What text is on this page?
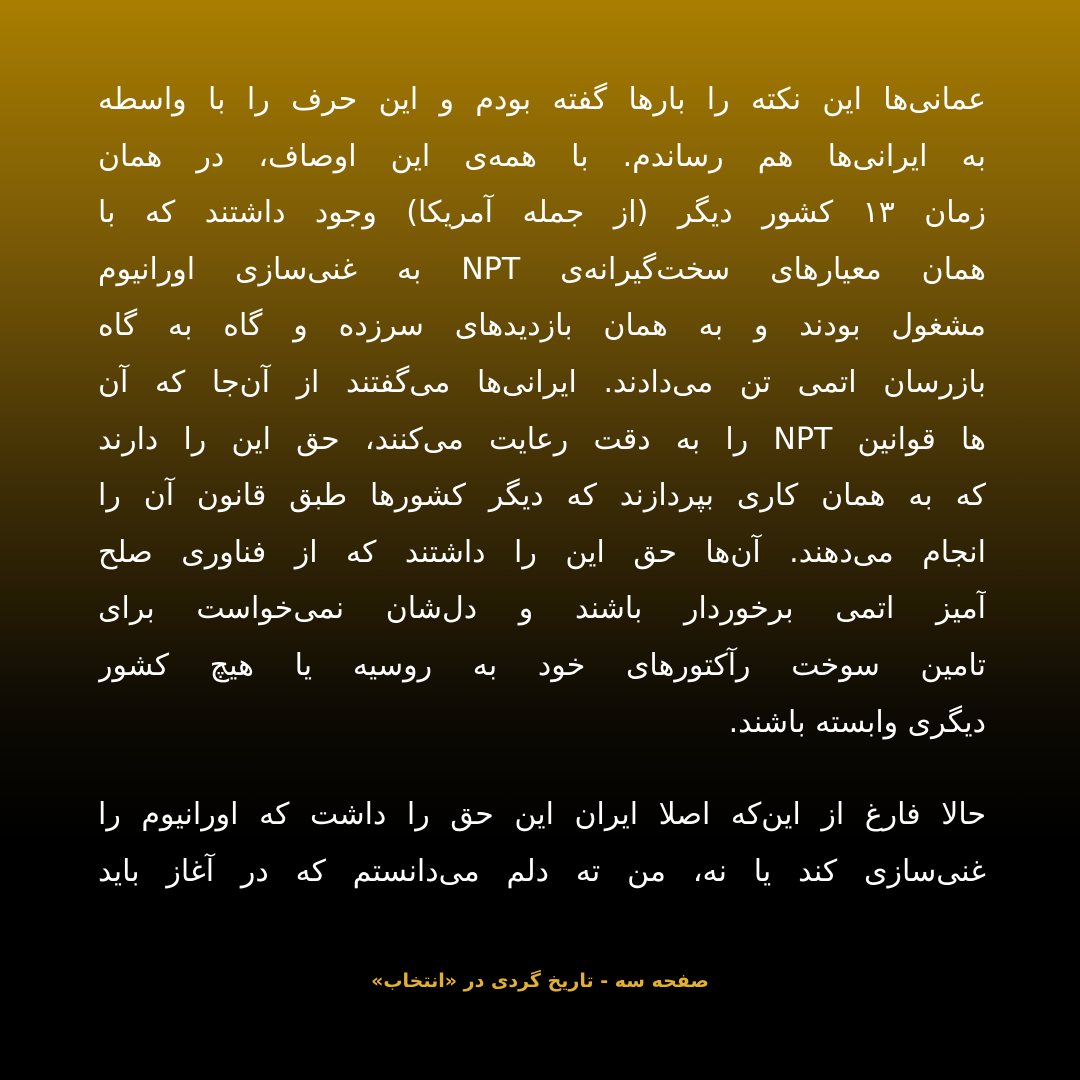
عمانی‌ها این نکته را بارها گفته بودم و این حرف را با واسطه
به ایرانی‌ها هم رساندم. با همه‌ی این اوصاف، در همان
زمان ۱۳ کشور دیگر (از جمله آمریکا) وجود داشتند که با
همان معیارهای سخت‌گیرانه‌ی NPT به غنی‌سازی اورانیوم
مشغول بودند و به همان بازدیدهای سرزده و گاه به گاه
بازرسان اتمی تن می‌دادند. ایرانی‌ها می‌گفتند از آن‌جا که آن
ها قوانین NPT را به دقت رعایت می‌کنند، حق این را دارند
که به همان کاری بپردازند که دیگر کشورها طبق قانون آن را
انجام می‌دهند. آن‌ها حق این را داشتند که از فناوری صلح
آمیز اتمی برخوردار باشند و دل‌شان نمی‌خواست برای
تامین سوخت رآکتورهای خود به روسیه یا هیچ کشور
دیگری وابسته باشند.
حالا فارغ از این‌که اصلا ایران این حق را داشت که اورانیوم را
غنی‌سازی کند یا نه، من ته دلم می‌دانستم که در آغاز باید
صفحه سه - تاریخ گردی در «انتخاب»
